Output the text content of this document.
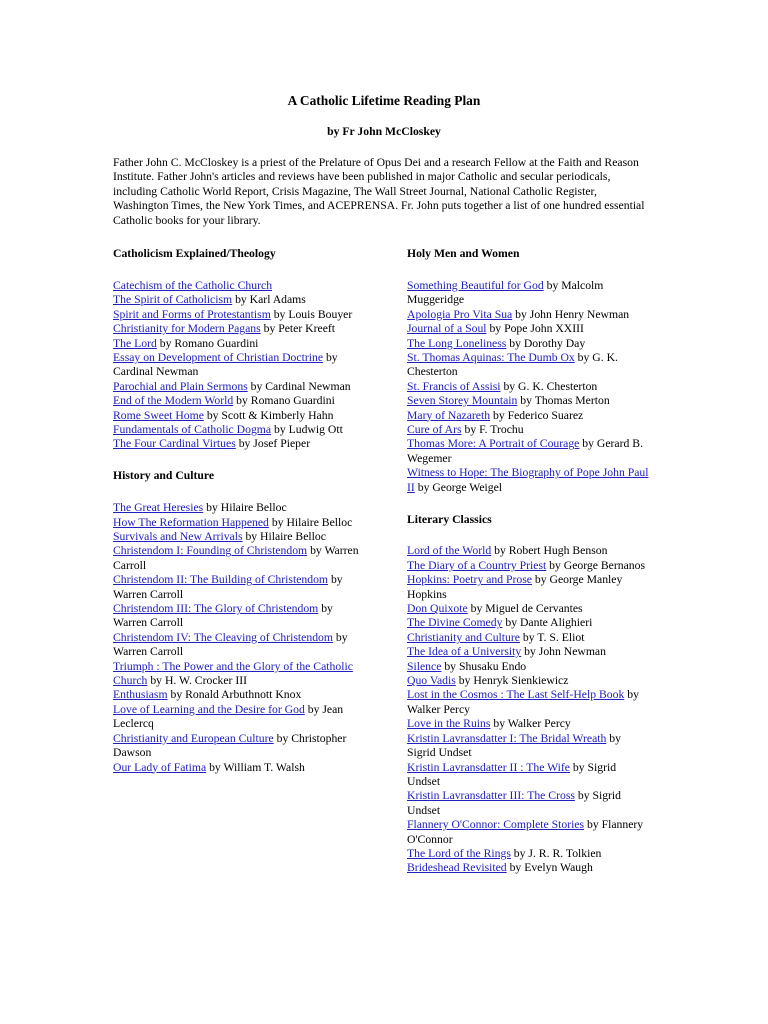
A Catholic Lifetime Reading Plan
by Fr John McCloskey
Father John C. McCloskey is a priest of the Prelature of Opus Dei and a research Fellow at the Faith and Reason Institute. Father John's articles and reviews have been published in major Catholic and secular periodicals, including Catholic World Report, Crisis Magazine, The Wall Street Journal, National Catholic Register, Washington Times, the New York Times, and ACEPRENSA. Fr. John puts together a list of one hundred essential Catholic books for your library.
Catholicism Explained/Theology
Catechism of the Catholic Church
The Spirit of Catholicism by Karl Adams
Spirit and Forms of Protestantism by Louis Bouyer
Christianity for Modern Pagans by Peter Kreeft
The Lord by Romano Guardini
Essay on Development of Christian Doctrine by Cardinal Newman
Parochial and Plain Sermons by Cardinal Newman
End of the Modern World by Romano Guardini
Rome Sweet Home by Scott & Kimberly Hahn
Fundamentals of Catholic Dogma by Ludwig Ott
The Four Cardinal Virtues by Josef Pieper
History and Culture
The Great Heresies by Hilaire Belloc
How The Reformation Happened by Hilaire Belloc
Survivals and New Arrivals by Hilaire Belloc
Christendom I: Founding of Christendom by Warren Carroll
Christendom II: The Building of Christendom by Warren Carroll
Christendom III: The Glory of Christendom by Warren Carroll
Christendom IV: The Cleaving of Christendom by Warren Carroll
Triumph : The Power and the Glory of the Catholic Church by H. W. Crocker III
Enthusiasm by Ronald Arbuthnott Knox
Love of Learning and the Desire for God by Jean Leclercq
Christianity and European Culture by Christopher Dawson
Our Lady of Fatima by William T. Walsh
Holy Men and Women
Something Beautiful for God by Malcolm Muggeridge
Apologia Pro Vita Sua by John Henry Newman
Journal of a Soul by Pope John XXIII
The Long Loneliness by Dorothy Day
St. Thomas Aquinas: The Dumb Ox by G. K. Chesterton
St. Francis of Assisi by G. K. Chesterton
Seven Storey Mountain by Thomas Merton
Mary of Nazareth by Federico Suarez
Cure of Ars by F. Trochu
Thomas More: A Portrait of Courage by Gerard B. Wegemer
Witness to Hope: The Biography of Pope John Paul II by George Weigel
Literary Classics
Lord of the World by Robert Hugh Benson
The Diary of a Country Priest by George Bernanos
Hopkins: Poetry and Prose by George Manley Hopkins
Don Quixote by Miguel de Cervantes
The Divine Comedy by Dante Alighieri
Christianity and Culture by T. S. Eliot
The Idea of a University by John Newman
Silence by Shusaku Endo
Quo Vadis by Henryk Sienkiewicz
Lost in the Cosmos : The Last Self-Help Book by Walker Percy
Love in the Ruins by Walker Percy
Kristin Lavransdatter I: The Bridal Wreath by Sigrid Undset
Kristin Lavransdatter II : The Wife by Sigrid Undset
Kristin Lavransdatter III: The Cross by Sigrid Undset
Flannery O'Connor: Complete Stories by Flannery O'Connor
The Lord of the Rings by J. R. R. Tolkien
Brideshead Revisited by Evelyn Waugh
